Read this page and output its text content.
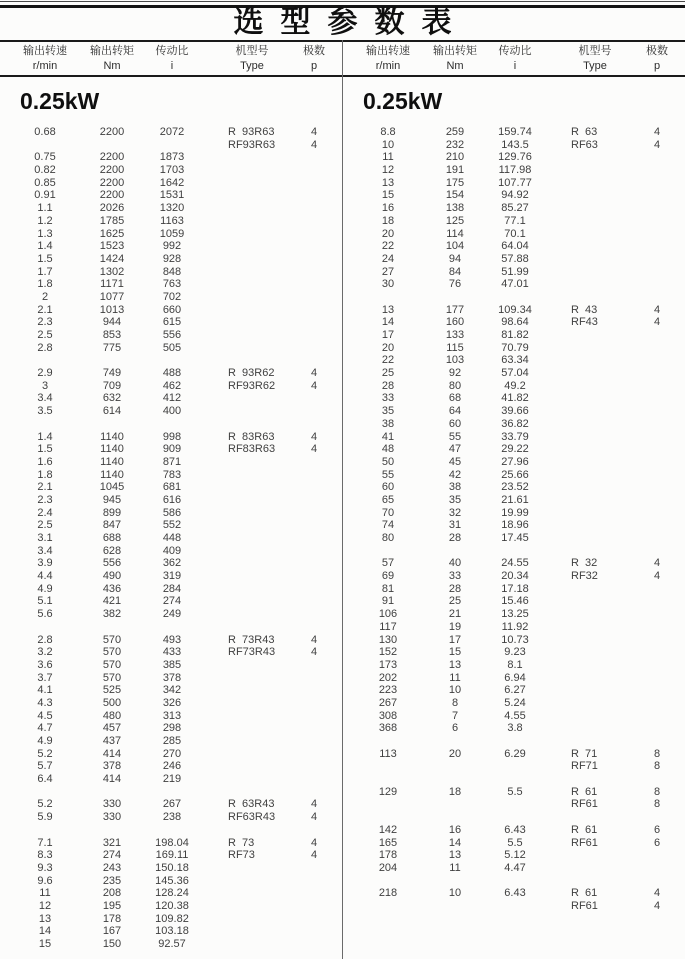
选型参数表
输出转速
r/min
输出转矩
Nm
传动比
i
机型号
Type
极数
p
输出转速
r/min
输出转矩
Nm
传动比
i
机型号
Type
极数
p
0.25kW
0.68	2200	2072	R  93R63	4
RF93R63	4
0.75	2200	1873
0.82	2200	1703
0.85	2200	1642
0.91	2200	1531
1.1	2026	1320
1.2	1785	1163
1.3	1625	1059
1.4	1523	992
1.5	1424	928
1.7	1302	848
1.8	1171	763
2	1077	702
2.1	1013	660
2.3	944	615
2.5	853	556
2.8	775	505
2.9	749	488	R  93R62	4
3	709	462	RF93R62	4
3.4	632	412
3.5	614	400
1.4	1140	998	R  83R63	4
1.5	1140	909	RF83R63	4
1.6	1140	871
1.8	1140	783
2.1	1045	681
2.3	945	616
2.4	899	586
2.5	847	552
3.1	688	448
3.4	628	409
3.9	556	362
4.4	490	319
4.9	436	284
5.1	421	274
5.6	382	249
2.8	570	493	R  73R43	4
3.2	570	433	RF73R43	4
3.6	570	385
3.7	570	378
4.1	525	342
4.3	500	326
4.5	480	313
4.7	457	298
4.9	437	285
5.2	414	270
5.7	378	246
6.4	414	219
5.2	330	267	R  63R43	4
5.9	330	238	RF63R43	4
7.1	321	198.04	R  73	4
8.3	274	169.11	RF73	4
9.3	243	150.18
9.6	235	145.36
11	208	128.24
12	195	120.38
13	178	109.82
14	167	103.18
15	150	92.57
0.25kW
8.8	259	159.74	R  63	4
10	232	143.5	RF63	4
11	210	129.76
12	191	117.98
13	175	107.77
15	154	94.92
16	138	85.27
18	125	77.1
20	114	70.1
22	104	64.04
24	94	57.88
27	84	51.99
30	76	47.01
13	177	109.34	R  43	4
14	160	98.64	RF43	4
17	133	81.82
20	115	70.79
22	103	63.34
25	92	57.04
28	80	49.2
33	68	41.82
35	64	39.66
38	60	36.82
41	55	33.79
48	47	29.22
50	45	27.96
55	42	25.66
60	38	23.52
65	35	21.61
70	32	19.99
74	31	18.96
80	28	17.45
57	40	24.55	R  32	4
69	33	20.34	RF32	4
81	28	17.18
91	25	15.46
106	21	13.25
117	19	11.92
130	17	10.73
152	15	9.23
173	13	8.1
202	11	6.94
223	10	6.27
267	8	5.24
308	7	4.55
368	6	3.8
113	20	6.29	R  71	8
RF71	8
129	18	5.5	R  61	8
RF61	8
142	16	6.43	R  61	6
165	14	5.5	RF61	6
178	13	5.12
204	11	4.47
218	10	6.43	R  61	4
RF61	4
